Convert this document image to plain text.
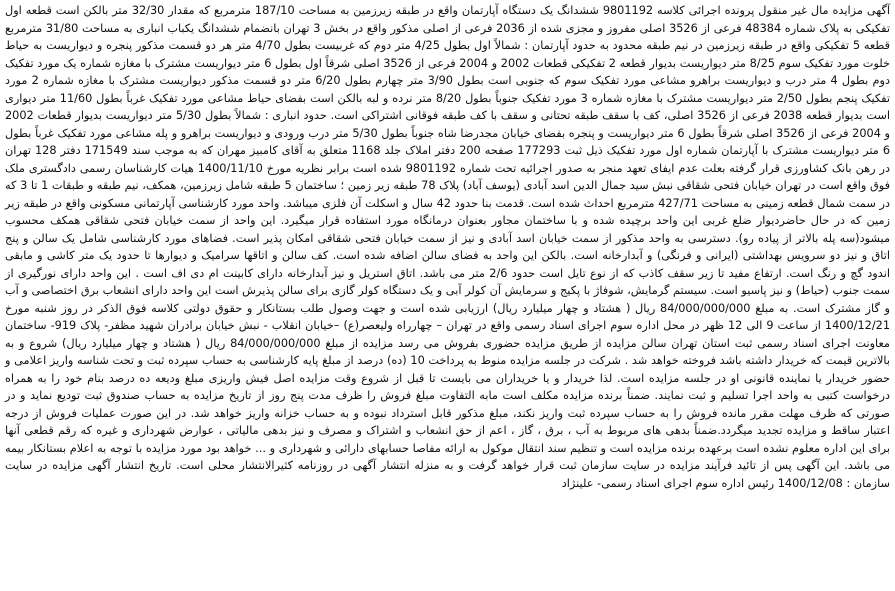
آگهی مزایده مال غیر منقول پرونده اجرائی کلاسه 9801192 ششدانگ یک دستگاه آپارتمان واقع در طبقه زیرزمین به مساحت 187/10 مترمربع که مقدار 32/30 متر بالکن است قطعه اول تفکیکی به پلاک شماره 48384 فرعی از 3526 اصلی مفروز و مجزی شده از 2036 فرعی از اصلی مذکور واقع در بخش 3 تهران بانضمام ششدانگ یکباب انباری به مساحت 31/80 مترمربع قطعه 5 تفکیکی واقع در طبقه زیرزمین در نیم طبقه محدود به حدود آپارتمان : شمالاً اول بطول 4/25 متر دوم که غربیست بطول 4/70 متر هر دو قسمت مذکور پنجره و دیواریست به حیاط خلوت مورد تفکیک سوم 8/25 متر دیواریست بدیوار قطعه 2 تفکیکی قطعات 2002 و 2004 فرعی از 3526 اصلی شرقاً اول بطول 6 متر دیواریست مشترک با مغازه شماره یک مورد تفکیک دوم بطول 4 متر درب و دیواریست براهرو مشاعی مورد تفکیک سوم که جنوبی است بطول 3/90 متر چهارم بطول 6/20 متر دو قسمت مذکور دیواریست مشترک با مغازه شماره 2 مورد تفکیک پنجم بطول 2/50 متر دیواریست مشترک با مغازه شماره 3 مورد تفکیک جنوباً بطول 8/20 متر نرده و لبه بالکن است بفضای حیاط مشاعی مورد تفکیک غرباً بطول 11/60 متر دیواری است بدیوار قطعه 2038 فرعی از 3526 اصلی، کف با سقف طبقه تحتانی و سقف با کف طبقه فوقانی اشتراکی است. حدود انباری : شمالاً بطول 5/30 متر دیواریست بدیوار قطعات 2002 و 2004 فرعی از 3526 اصلی شرقاً بطول 6 متر دیواریست و پنجره بفضای خیابان مجدرضا شاه جنوباً بطول 5/30 متر درب ورودی و دیواریست براهرو و پله مشاعی مورد تفکیک غرباً بطول 6 متر دیواریست مشترک با آپارتمان شماره اول مورد تفکیک ذیل ثبت 177293 صفحه 200 دفتر املاک جلد 1168 متعلق به آقای کامبیز مهران که به موجب سند 171549 دفتر 128 تهران در رهن بانک کشاورزی قرار گرفته بعلت عدم ایفای تعهد منجر به صدور اجرائیه تحت شماره 9801192 شده است برابر نظریه مورخ 1400/11/10 هیات کارشناسان رسمی دادگستری ملک فوق واقع است در تهران خیابان فتحی شقاقی نبش سید جمال الدین اسد آبادی (یوسف آباد) پلاک 78 طبقه زیر زمین ؛ ساختمان 5 طبقه شامل زیرزمین، همکف، نیم طبقه و طبقات 1 تا 3 که در سمت شمال قطعه زمینی به مساحت 427/71 مترمربع احداث شده است. قدمت بنا حدود 42 سال و اسکلت آن فلزی میباشد. واحد مورد کارشناسی آپارتمانی مسکونی واقع در طبقه زیر زمین که در حال حاضردیوار ضلع غربی این واحد برچیده شده و با ساختمان مجاور بعنوان درمانگاه مورد استفاده قرار میگیرد. این واحد از سمت خیابان فتحی شقاقی همکف محسوب میشود(سه پله بالاتر از پیاده رو). دسترسی به واحد مذکور از سمت خیابان اسد آبادی و نیز از سمت خیابان فتحی شقاقی امکان پذیر است. فضاهای مورد کارشناسی شامل یک سالن و پنج اتاق و نیز دو سرویس بهداشتی (ایرانی و فرنگی) و آبدارخانه است. بالکن این واحد به فضای سالن اضافه شده است. کف سالن و اتاقها سرامیک و دیوارها تا حدود یک متر کاشی و مابقی اندود گچ و رنگ است. ارتفاع مفید تا زیر سقف کاذب که از نوع تایل است حدود 2/6 متر می باشد. اتاق استریل و نیز آبدارخانه دارای کابینت ام دی اف است . این واحد دارای نورگیری از سمت جنوب (حیاط) و نیز پاسیو است. سیستم گرمایش، شوفاژ با پکیج و سرمایش آن کولر آبی و یک دستگاه کولر گازی برای سالن پذیرش است این واحد دارای انشعاب برق اختصاصی و آب و گاز مشترک است. به مبلغ 84/000/000/000 ریال ( هشتاد و چهار میلیارد ریال) ارزیابی شده است و جهت وصول طلب بستانکار و حقوق دولتی کلاسه فوق الذکر در روز شنبه مورخ 1400/12/21 از ساعت 9 الی 12 ظهر در محل اداره سوم اجرای اسناد رسمی واقع در تهران – چهارراه ولیعصر(ع) –خیابان انقلاب - نبش خیابان برادران شهید مظفر- پلاک 919- ساختمان معاونت اجرای اسناد رسمی ثبت استان تهران سالن مزایده از طریق مزایده حضوری بفروش می رسد مزایده از مبلغ 84/000/000/000 ریال ( هشتاد و چهار میلیارد ریال) شروع و به بالاترین قیمت که خریدار داشته باشد فروخته خواهد شد . شرکت در جلسه مزایده منوط به پرداخت 10 (ده) درصد از مبلغ پایه کارشناسی به حساب سپرده ثبت و تحت شناسه واریز اعلامی و حضور خریدار یا نماینده قانونی او در جلسه مزایده است. لذا خریدار و یا خریداران می بایست تا قبل از شروع وقت مزایده اصل فیش واریزی مبلغ ودیعه ده درصد بنام خود را به همراه درخواست کتبی به واحد اجرا تسلیم و ثبت نمایند. ضمناً برنده مزایده مکلف است مابه التفاوت مبلغ فروش را ظرف مدت پنج روز از تاریخ مزایده به حساب صندوق ثبت تودیع نماید و در صورتی که ظرف مهلت مقرر مانده فروش را به حساب سپرده ثبت واریز نکند، مبلغ مذکور قابل استرداد نبوده و به حساب خزانه واریز خواهد شد. در این صورت عملیات فروش از درجه اعتبار ساقط و مزایده تجدید میگردد.ضمناً بدهی های مربوط به آب ، برق ، گاز ، اعم از حق انشعاب و اشتراک و مصرف و نیز بدهی مالیاتی ، عوارض شهرداری و غیره که رقم قطعی آنها برای این اداره معلوم نشده است برعهده برنده مزایده است و تنظیم سند انتقال موکول به ارائه مفاصا حسابهای دارائی و شهرداری و ... خواهد بود مورد مزایده با توجه به اعلام بستانکار بیمه می باشد. این آگهی پس از تائید فرآیند مزایده در سایت سازمان ثبت قرار خواهد گرفت و به منزله انتشار آگهی در روزنامه کثیرالانتشار محلی است. تاریخ انتشار آگهی مزایده در سایت سازمان : 1400/12/08 رئیس اداره سوم اجرای اسناد رسمی- علینژاد
